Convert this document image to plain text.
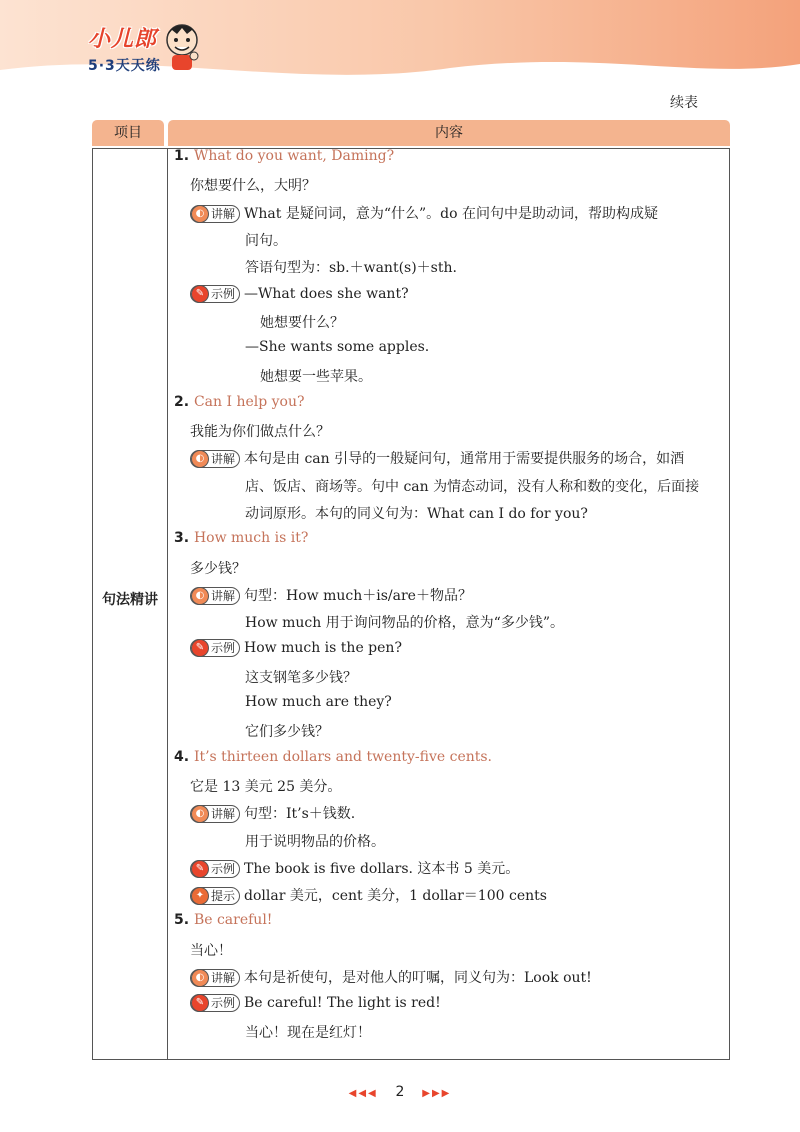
小儿郎
5·3天天练
续表
项目	内容
句法精讲
1. What do you want, Daming?
你想要什么，大明？
◐ 讲解 What 是疑问词，意为“什么”。do 在问句中是助动词，帮助构成疑
问句。
答语句型为：sb.＋want(s)＋sth.
✎ 示例 —What does she want?
她想要什么？
—She wants some apples.
她想要一些苹果。
2. Can I help you?
我能为你们做点什么？
◐ 讲解 本句是由 can 引导的一般疑问句，通常用于需要提供服务的场合，如酒
店、饭店、商场等。句中 can 为情态动词，没有人称和数的变化，后面接
动词原形。本句的同义句为：What can I do for you?
3. How much is it?
多少钱？
◐ 讲解 句型：How much＋is/are＋物品？
How much 用于询问物品的价格，意为“多少钱”。
✎ 示例 How much is the pen?
这支钢笔多少钱？
How much are they?
它们多少钱？
4. It’s thirteen dollars and twenty-five cents.
它是 13 美元 25 美分。
◐ 讲解 句型：It’s＋钱数.
用于说明物品的价格。
✎ 示例 The book is five dollars. 这本书 5 美元。
✦ 提示 dollar 美元，cent 美分，1 dollar＝100 cents
5. Be careful!
当心！
◐ 讲解 本句是祈使句，是对他人的叮嘱，同义句为：Look out!
✎ 示例 Be careful! The light is red!
当心！现在是红灯！
◀◀◀ 2 ▶▶▶
